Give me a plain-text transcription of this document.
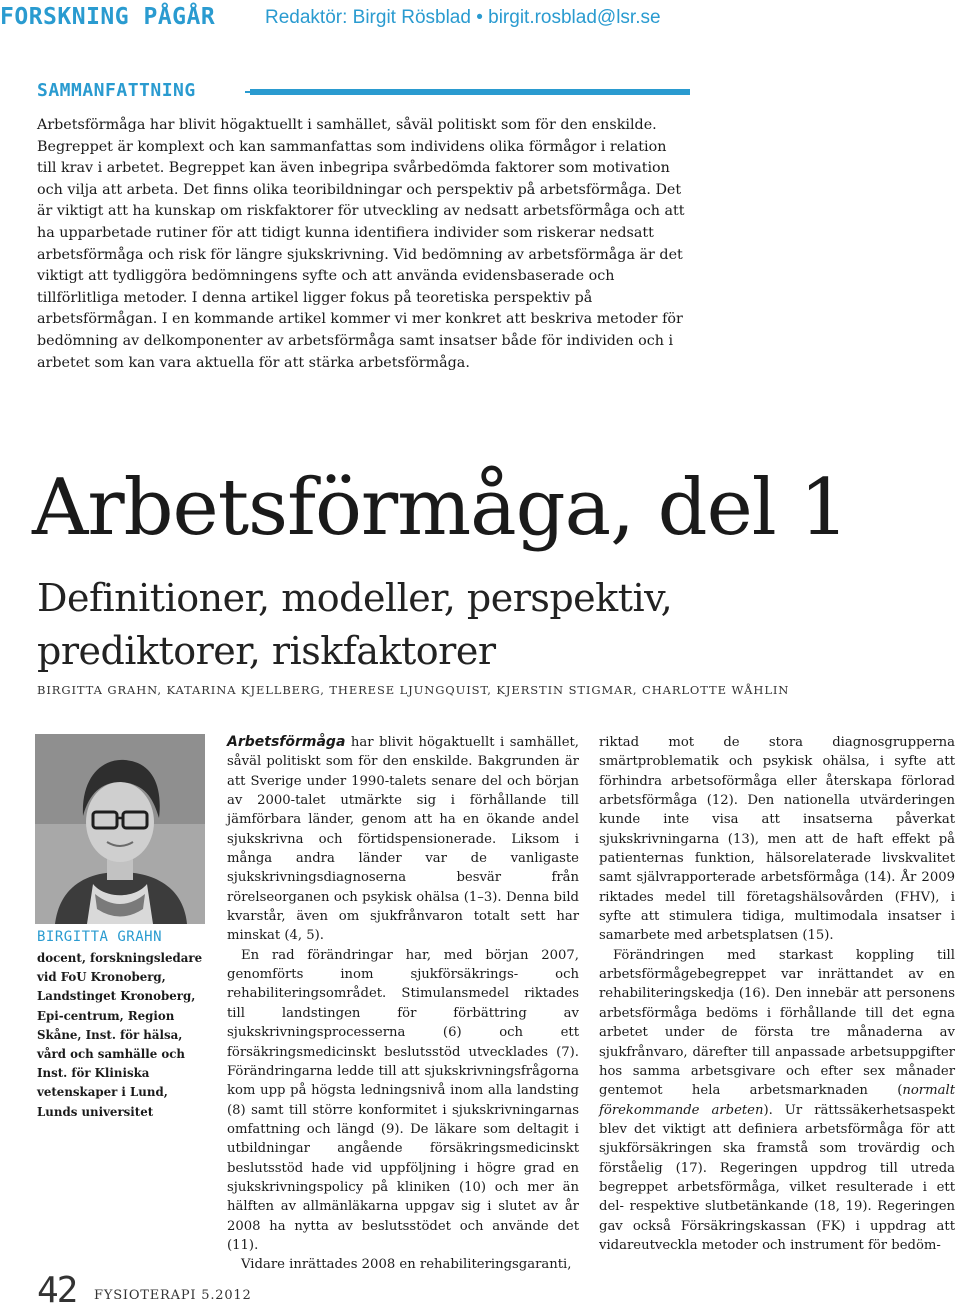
FORSKNING PÅGÅR	Redaktör: Birgit Rösblad • birgit.rosblad@lsr.se
SAMMANFATTNING

Arbetsförmåga har blivit högaktuellt i samhället, såväl politiskt som för den enskilde. Begreppet är komplext och kan sammanfattas som individens olika förmågor i relation till krav i arbetet. Begreppet kan även inbegripa svårbedömda faktorer som motivation och vilja att arbeta. Det finns olika teoribildningar och perspektiv på arbetsförmåga. Det är viktigt att ha kunskap om riskfaktorer för utveckling av nedsatt arbetsförmåga och att ha upparbetade rutiner för att tidigt kunna identifiera individer som riskerar nedsatt arbetsförmåga och risk för längre sjukskrivning. Vid bedömning av arbetsförmåga är det viktigt att tydliggöra bedömningens syfte och att använda evidensbaserade och tillförlitliga metoder. I denna artikel ligger fokus på teoretiska perspektiv på arbetsförmågan. I en kommande artikel kommer vi mer konkret att beskriva metoder för bedömning av delkomponenter av arbetsförmåga samt insatser både för individen och i arbetet som kan vara aktuella för att stärka arbetsförmåga.

Arbetsförmåga, del 1
Definitioner, modeller, perspektiv,
prediktorer, riskfaktorer
BIRGITTA GRAHN, KATARINA KJELLBERG, THERESE LJUNGQUIST, KJERSTIN STIGMAR, CHARLOTTE WÅHLIN
BIRGITTA GRAHN

docent, forskningsledare vid FoU Kronoberg, Landstinget Kronoberg, Epi-centrum, Region Skåne, Inst. för hälsa, vård och samhälle och Inst. för Kliniska vetenskaper i Lund, Lunds universitet

Arbetsförmåga har blivit högaktuellt i samhället, såväl politiskt som för den enskilde. Bakgrunden är att Sverige under 1990-talets senare del och början av 2000-talet utmärkte sig i förhållande till jämförbara länder, genom att ha en ökande andel sjukskrivna och förtidspensionerade. Liksom i många andra länder var de vanligaste sjukskrivningsdiagnoserna besvär från rörelseorganen och psykisk ohälsa (1–3). Denna bild kvarstår, även om sjukfrånvaron totalt sett har minskat (4, 5).

En rad förändringar har, med början 2007, genomförts inom sjukförsäkrings- och rehabiliteringsområdet. Stimulansmedel riktades till landstingen för förbättring av sjukskrivningsprocesserna (6) och ett försäkringsmedicinskt beslutsstöd utvecklades (7). Förändringarna ledde till att sjukskrivningsfrågorna kom upp på högsta ledningsnivå inom alla landsting (8) samt till större konformitet i sjukskrivningarnas omfattning och längd (9). De läkare som deltagit i utbildningar angående försäkringsmedicinskt beslutsstöd hade vid uppföljning i högre grad en sjukskrivningspolicy på kliniken (10) och mer än hälften av allmänläkarna uppgav sig i slutet av år 2008 ha nytta av beslutsstödet och använde det (11).

Vidare inrättades 2008 en rehabiliteringsgaranti,

riktad mot de stora diagnosgrupperna smärtproblematik och psykisk ohälsa, i syfte att förhindra arbetsoförmåga eller återskapa förlorad arbetsförmåga (12). Den nationella utvärderingen kunde inte visa att insatserna påverkat sjukskrivningarna (13), men att de haft effekt på patienternas funktion, hälsorelaterade livskvalitet samt självrapporterade arbetsförmåga (14). År 2009 riktades medel till företagshälsovården (FHV), i syfte att stimulera tidiga, multimodala insatser i samarbete med arbetsplatsen (15).

Förändringen med starkast koppling till arbetsförmågebegreppet var inrättandet av en rehabiliteringskedja (16). Den innebär att personens arbetsförmåga bedöms i förhållande till det egna arbetet under de första tre månaderna av sjukfrånvaro, därefter till anpassade arbetsuppgifter hos samma arbetsgivare och efter sex månader gentemot hela arbetsmarknaden (normalt förekommande arbeten). Ur rättssäkerhetsaspekt blev det viktigt att definiera arbetsförmåga för att sjukförsäkringen ska framstå som trovärdig och förståelig (17). Regeringen uppdrog till utreda begreppet arbetsförmåga, vilket resulterade i ett del- respektive slutbetänkande (18, 19). Regeringen gav också Försäkringskassan (FK) i uppdrag att vidareutveckla metoder och instrument för bedöm-

42 FYSIOTERAPI 5.2012
